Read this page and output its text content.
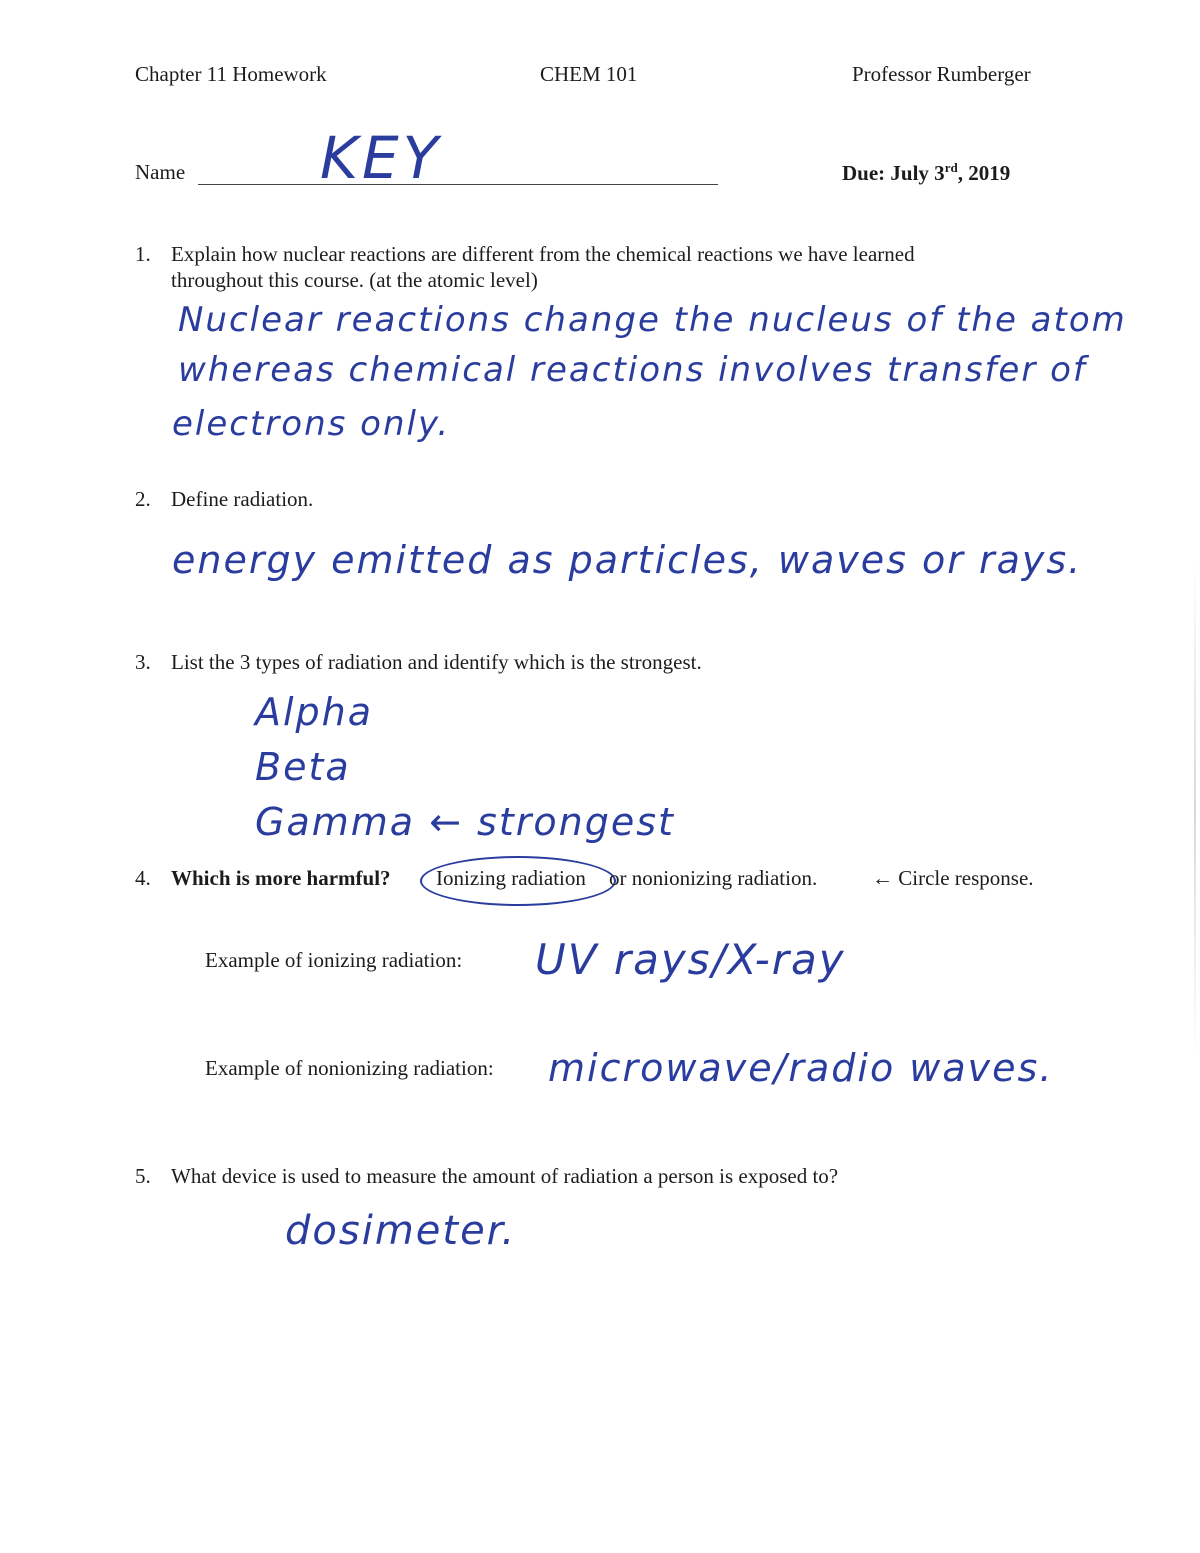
Chapter 11 Homework	CHEM 101	Professor Rumberger
Name KEY	Due: July 3rd, 2019
1. Explain how nuclear reactions are different from the chemical reactions we have learned
throughout this course. (at the atomic level)
Nuclear reactions change the nucleus of the atom
whereas chemical reactions involves transfer of
electrons only.
2. Define radiation.
energy emitted as particles, waves or rays.
3. List the 3 types of radiation and identify which is the strongest.
Alpha
Beta
Gamma ← strongest
4. Which is more harmful? Ionizing radiation or nonionizing radiation.	← Circle response.
Example of ionizing radiation: UV rays/X-ray
Example of nonionizing radiation: microwave/radio waves.
5. What device is used to measure the amount of radiation a person is exposed to?
dosimeter.
